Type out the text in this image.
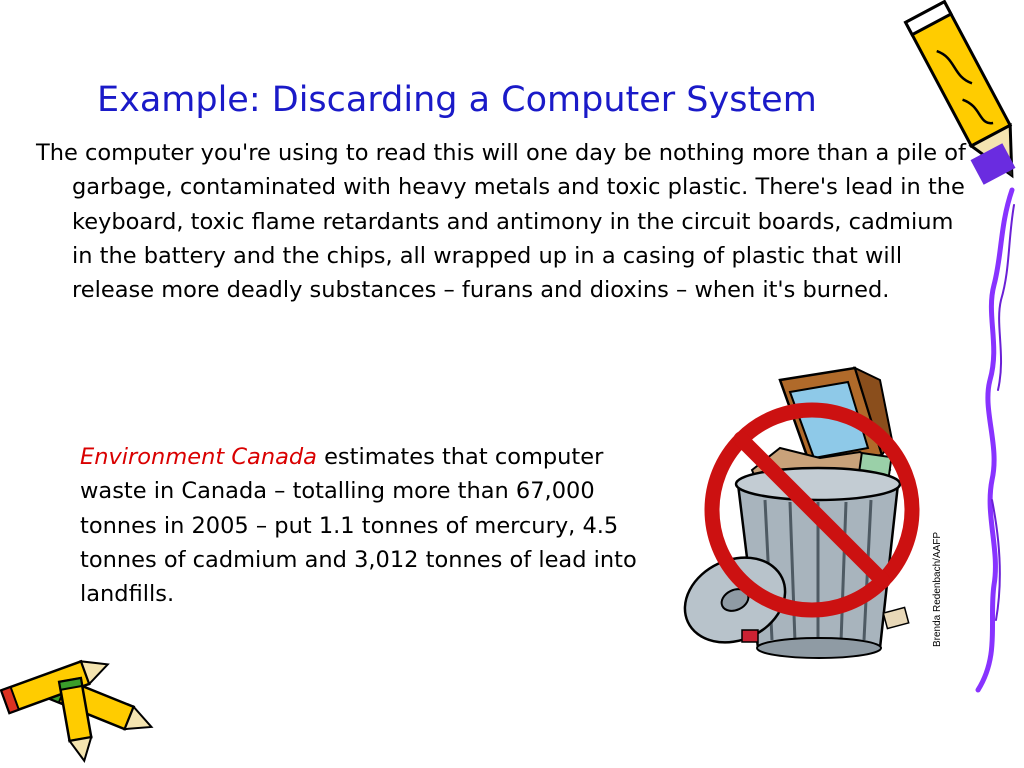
Brenda Redenbach/AAFP
Example: Discarding a Computer System

The computer you're using to read this will one day be nothing more than a pile of garbage, contaminated with heavy metals and toxic plastic. There's lead in the keyboard, toxic flame retardants and antimony in the circuit boards, cadmium in the battery and the chips, all wrapped up in a casing of plastic that will release more deadly substances – furans and dioxins – when it's burned.

Environment Canada estimates that computer waste in Canada – totalling more than 67,000 tonnes in 2005 – put 1.1 tonnes of mercury, 4.5 tonnes of cadmium and 3,012 tonnes of lead into landfills.
